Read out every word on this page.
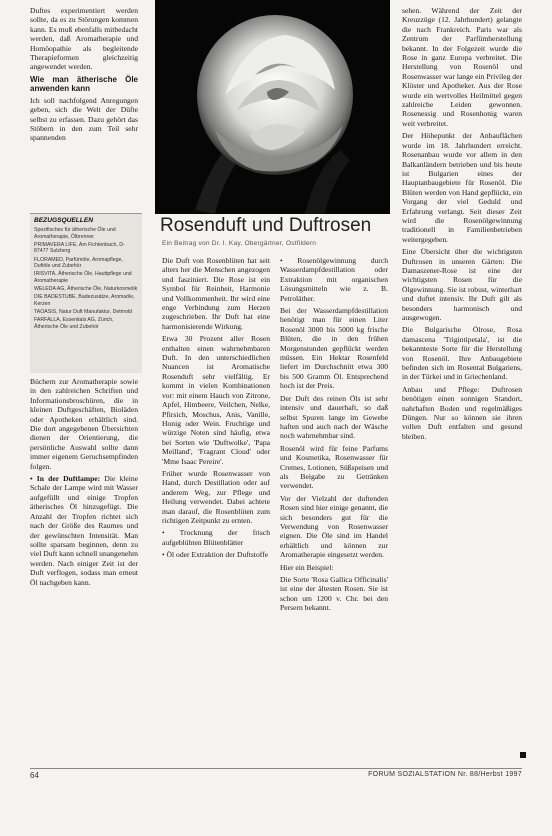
Duftes experimentiert werden sollte, da es zu Störungen kommen kann. Es muß ebenfalls mitbedacht werden, daß Aromatherapie und Homöopathie als begleitende Therapieformen gleichzeitig angewendet werden.

Wie man ätherische Öle anwenden kann

Ich soll nachfolgend Anregungen geben, sich die Welt der Düfte selbst zu erfassen. Dazu gehört das Stöbern in den zum Teil sehr spannenden

BEZUGSQUELLEN
Spezifisches für ätherische Öle und Aromatherapie, Ölbrenner
PRIMAVERA LIFE, Am Fichtenbach, D-87477 Sulzberg
FLORAMED, Parfümöle, Aromapflege, Duftöle und Zubehör
IRISVITA, Ätherische Öle, Hauttpflege und Aromatherapie
WELEDA AG, Ätherische Öle, Naturkosmetik
DIE BADESTUBE, Badezusätze, Aromaöle, Kerzen
TAOASIS, Natur Duft Manufaktur, Detmold
FARFALLA, Essentials AG, Zürich, Ätherische Öle und Zubehör

Büchern zur Aromatherapie sowie in den zahlreichen Schriften und Informationsbroschüren, die in kleinen Duftgeschäften, Bioläden oder Apotheken erhältlich sind. Die dort angegebenen Übersichten dienen der Orientierung, die persönliche Auswahl sollte dann immer eigenem Geruchsempfinden folgen.

• In der Duftlampe: Die kleine Schale der Lampe wird mit Wasser aufgefüllt und einige Tropfen ätherisches Öl hinzugefügt. Die Anzahl der Tropfen richtet sich nach der Größe des Raumes und der gewünschten Intensität. Man sollte sparsam beginnen, denn zu viel Duft kann schnell unangenehm werden. Nach einiger Zeit ist der Duft verflogen, sodass man erneut Öl nachgeben kann.

Rosenduft und Duftrosen
Ein Beitrag von Dr. I. Kay, Obergärtner, Ostfildern

Die Duft von Rosenblüten hat seit alters her die Menschen angezogen und fasziniert. Die Rose ist ein Symbol für Reinheit, Harmonie und Vollkommenheit. Ihr wird eine enge Verbindung zum Herzen zugeschrieben. Ihr Duft hat eine harmonisierende Wirkung.

Etwa 30 Prozent aller Rosen enthalten einen wahrnehmbaren Duft. In den unterschiedlichen Nuancen ist Aromatische Rosenduft sehr vielfältig. Er kommt in vielen Kombinationen vor: mit einem Hauch von Zitrone, Apfel, Himbeere, Veilchen, Nelke, Pfirsich, Moschus, Anis, Vanille, Honig oder Wein. Fruchtige und würzige Noten sind häufig, etwa bei Sorten wie 'Duftwolke', 'Papa Meilland', 'Fragrant Cloud' oder 'Mme Isaac Pereire'.

Früher wurde Rosenwasser von Hand, durch Destillation oder auf anderem Weg, zur Pflege und Heilung verwendet. Dabei achtete man darauf, die Rosenblüten zum richtigen Zeitpunkt zu ernten.

• Trocknung der frisch aufgeblühten Blütenblätter

• Öl oder Extraktion der Duftstoffe

• Rosenölgewinnung durch Wasserdampfdestillation oder Extraktion mit organischen Lösungsmitteln wie z. B. Petroläther.

Bei der Wasserdampfdestillation benötigt man für einen Liter Rosenöl 3000 bis 5000 kg frische Blüten, die in den frühen Morgenstunden gepflückt werden müssen. Ein Hektar Rosenfeld liefert im Durchschnitt etwa 300 bis 500 Gramm Öl. Entsprechend hoch ist der Preis.

Der Duft des reinen Öls ist sehr intensiv und dauerhaft, so daß selbst Spuren lange im Gewebe haften und auch nach der Wäsche noch wahrnehmbar sind.

Rosenöl wird für feine Parfums und Kosmetika, Rosenwasser für Cremes, Lotionen, Süßspeisen und als Beigabe zu Getränken verwendet.

Vor der Vielzahl der duftenden Rosen sind hier einige genannt, die sich besonders gut für die Verwendung von Rosenwasser eignen. Die Öle sind im Handel erhältlich und können zur Aromatherapie eingesetzt werden.

Hier ein Beispiel:

Die Sorte 'Rosa Gallica Officinalis' ist eine der ältesten Rosen. Sie ist schon um 1200 v. Chr. bei den Persern bekannt.

sehen. Während der Zeit der Kreuzzüge (12. Jahrhundert) gelangte die nach Frankreich. Paris war als Zentrum der Parfümherstellung bekannt. In der Folgezeit wurde die Rose in ganz Europa verbreitet. Die Herstellung von Rosenöl und Rosenwasser war lange ein Privileg der Klöster und Apotheker. Aus der Rose wurde ein wertvolles Heilmittel gegen zahlreiche Leiden gewonnen. Rosenessig und Rosenhonig waren weit verbreitet.

Der Höhepunkt der Anbauflächen wurde im 18. Jahrhundert erreicht. Rosenanbau wurde vor allem in den Balkanländern betrieben und bis heute ist Bulgarien eines der Hauptanbaugebiete für Rosenöl. Die Blüten werden von Hand gepflückt, ein Vorgang der viel Geduld und Erfahrung verlangt. Seit dieser Zeit wird die Rosenölgewinnung traditionell in Familienbetrieben weitergegeben.

Eine Übersicht über die wichtigsten Duftrosen in unseren Gärten: Die Damaszener-Rose ist eine der wichtigsten Rosen für die Ölgewinnung. Sie ist robust, winterhart und duftet intensiv. Ihr Duft gilt als besonders harmonisch und ausgewogen.

Die Bulgarische Ölrose, Rosa damascena 'Trigintipetala', ist die bekannteste Sorte für die Herstellung von Rosenöl. Ihre Anbaugebiete befinden sich im Rosental Bulgariens, in der Türkei und in Griechenland.

Anbau und Pflege: Duftrosen benötigen einen sonnigen Standort, nahrhaften Boden und regelmäßiges Düngen. Nur so können sie ihren vollen Duft entfalten und gesund bleiben.

64	FORUM SOZIALSTATION Nr. 88/Herbst 1997
